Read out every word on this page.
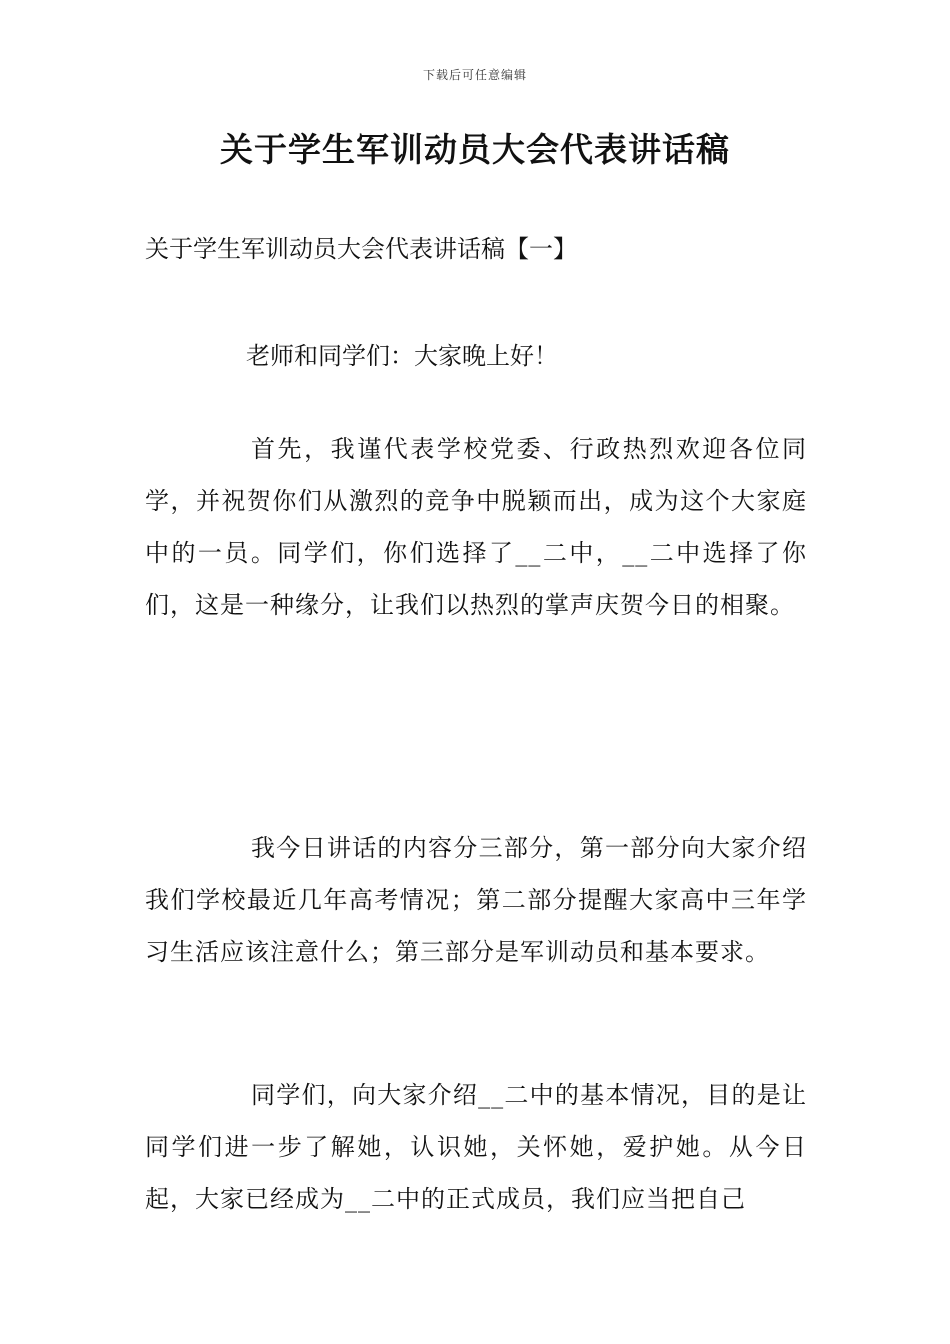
下载后可任意编辑
关于学生军训动员大会代表讲话稿

关于学生军训动员大会代表讲话稿【一】

老师和同学们：大家晚上好！

首先，我谨代表学校党委、行政热烈欢迎各位同学，并祝贺你们从激烈的竞争中脱颖而出，成为这个大家庭中的一员。同学们，你们选择了__二中，__二中选择了你们，这是一种缘分，让我们以热烈的掌声庆贺今日的相聚。

我今日讲话的内容分三部分，第一部分向大家介绍我们学校最近几年高考情况；第二部分提醒大家高中三年学习生活应该注意什么；第三部分是军训动员和基本要求。

同学们，向大家介绍__二中的基本情况，目的是让同学们进一步了解她，认识她，关怀她，爱护她。从今日起，大家已经成为__二中的正式成员，我们应当把自己
